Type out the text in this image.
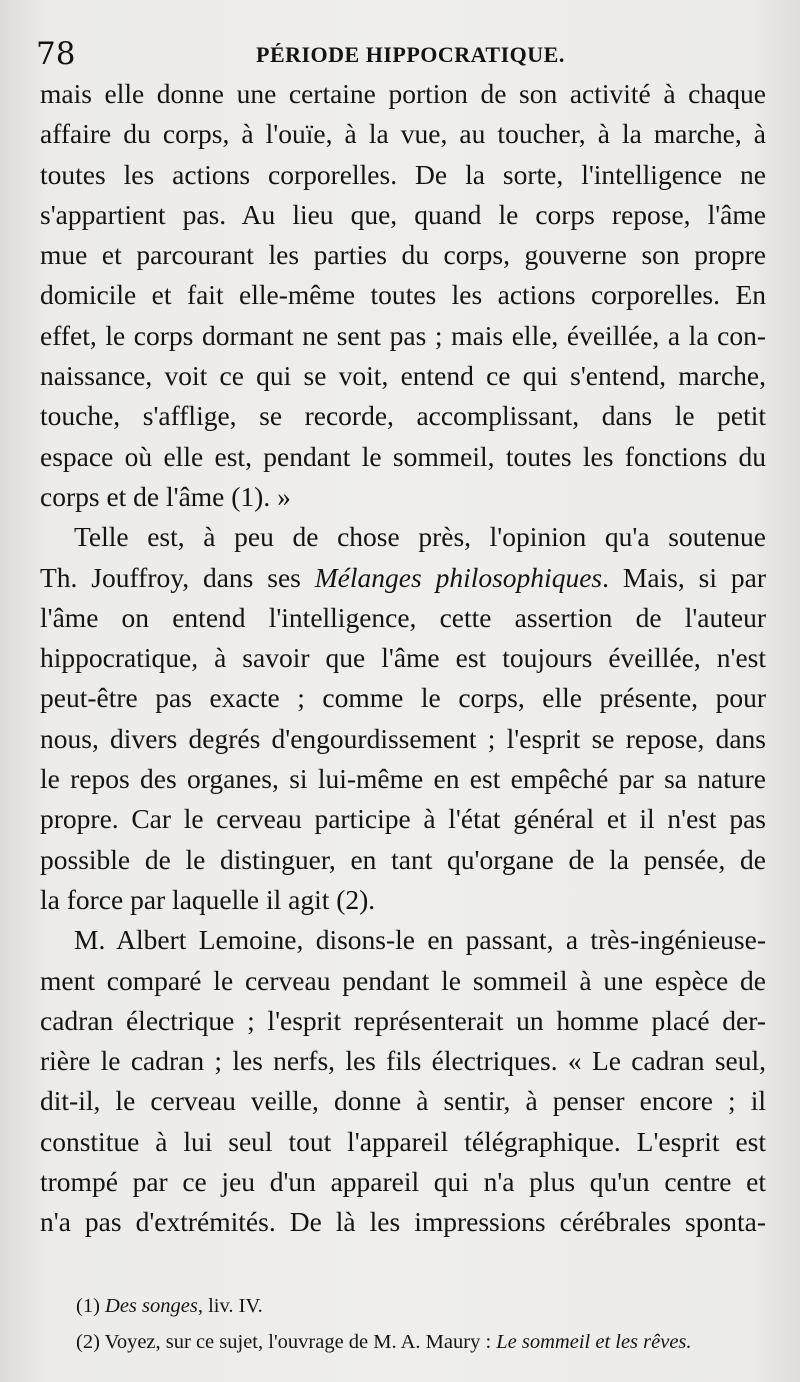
78	PÉRIODE HIPPOCRATIQUE.
mais elle donne une certaine portion de son activité à chaque
affaire du corps, à l'ouïe, à la vue, au toucher, à la marche, à
toutes les actions corporelles. De la sorte, l'intelligence ne
s'appartient pas. Au lieu que, quand le corps repose, l'âme
mue et parcourant les parties du corps, gouverne son propre
domicile et fait elle-même toutes les actions corporelles. En
effet, le corps dormant ne sent pas ; mais elle, éveillée, a la con-
naissance, voit ce qui se voit, entend ce qui s'entend, marche,
touche, s'afflige, se recorde, accomplissant, dans le petit
espace où elle est, pendant le sommeil, toutes les fonctions du
corps et de l'âme (1). »
Telle est, à peu de chose près, l'opinion qu'a soutenue
Th. Jouffroy, dans ses Mélanges philosophiques. Mais, si par
l'âme on entend l'intelligence, cette assertion de l'auteur
hippocratique, à savoir que l'âme est toujours éveillée, n'est
peut-être pas exacte ; comme le corps, elle présente, pour
nous, divers degrés d'engourdissement ; l'esprit se repose, dans
le repos des organes, si lui-même en est empêché par sa nature
propre. Car le cerveau participe à l'état général et il n'est pas
possible de le distinguer, en tant qu'organe de la pensée, de
la force par laquelle il agit (2).
M. Albert Lemoine, disons-le en passant, a très-ingénieuse-
ment comparé le cerveau pendant le sommeil à une espèce de
cadran électrique ; l'esprit représenterait un homme placé der-
rière le cadran ; les nerfs, les fils électriques. « Le cadran seul,
dit-il, le cerveau veille, donne à sentir, à penser encore ; il
constitue à lui seul tout l'appareil télégraphique. L'esprit est
trompé par ce jeu d'un appareil qui n'a plus qu'un centre et
n'a pas d'extrémités. De là les impressions cérébrales sponta-
(1) Des songes, liv. IV.
(2) Voyez, sur ce sujet, l'ouvrage de M. A. Maury : Le sommeil et les rêves.
